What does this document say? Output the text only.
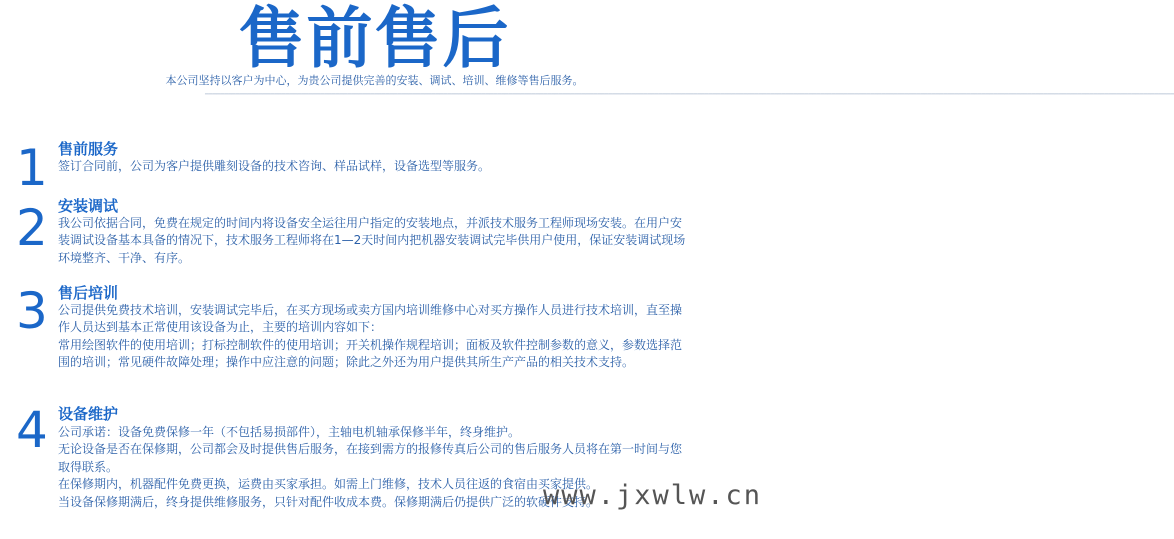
售前售后
本公司坚持以客户为中心，为贵公司提供完善的安装、调试、培训、维修等售后服务。
▁▁▁▁▁▁▁▁▁▁▁▁▁▁▁▁▁▁▁▁▁▁▁▁▁▁▁▁▁▁▁▁▁▁▁▁▁▁▁▁▁▁▁▁▁▁▁▁▁▁▁▁▁▁▁▁▁▁▁▁▁▁▁▁▁▁▁▁▁▁▁▁▁▁▁▁▁▁▁▁▁▁▁▁▁▁▁▁▁▁▁▁▁▁▁▁▁▁▁▁▁▁▁▁▁▁▁▁▁▁▁▁▁▁▁▁▁▁▁▁▁▁▁▁▁▁▁▁▁▁▁▁▁▁▁▁▁▁▁▁▁▁▁▁▁▁▁▁▁▁▁▁▁▁▁▁▁▁▁▁▁▁▁▁▁▁▁▁▁▁▁▁▁▁▁▁▁▁▁▁▁▁▁▁▁▁▁▁▁▁▁▁▁▁▁▁▁▁▁▁▁▁▁▁▁▁▁▁▁▁▁▁▁▁▁▁▁▁▁▁▁▁▁▁▁▁▁▁▁▁▁▁▁▁▁▁▁▁▁▁▁▁▁▁▁▁▁▁▁▁▁▁
1 售前服务

签订合同前，公司为客户提供雕刻设备的技术咨询、样品试样，设备选型等服务。

2 安装调试

我公司依据合同，免费在规定的时间内将设备安全运往用户指定的安装地点，并派技术服务工程师现场安装。在用户安装调试设备基本具备的情况下，技术服务工程师将在1—2天时间内把机器安装调试完毕供用户使用，保证安装调试现场环境整齐、干净、有序。

3 售后培训

公司提供免费技术培训，安装调试完毕后，在买方现场或卖方国内培训维修中心对买方操作人员进行技术培训，直至操作人员达到基本正常使用该设备为止，主要的培训内容如下：

常用绘图软件的使用培训；打标控制软件的使用培训；开关机操作规程培训；面板及软件控制参数的意义，参数选择范围的培训；常见硬件故障处理；操作中应注意的问题；除此之外还为用户提供其所生产产品的相关技术支持。

4 设备维护

公司承诺：设备免费保修一年（不包括易损部件），主轴电机轴承保修半年，终身维护。

无论设备是否在保修期，公司都会及时提供售后服务，在接到需方的报修传真后公司的售后服务人员将在第一时间与您取得联系。

在保修期内，机器配件免费更换，运费由买家承担。如需上门维修，技术人员往返的食宿由买家提供。

当设备保修期满后，终身提供维修服务，只针对配件收成本费。保修期满后仍提供广泛的软硬件支持。

www.jxwlw.cn
